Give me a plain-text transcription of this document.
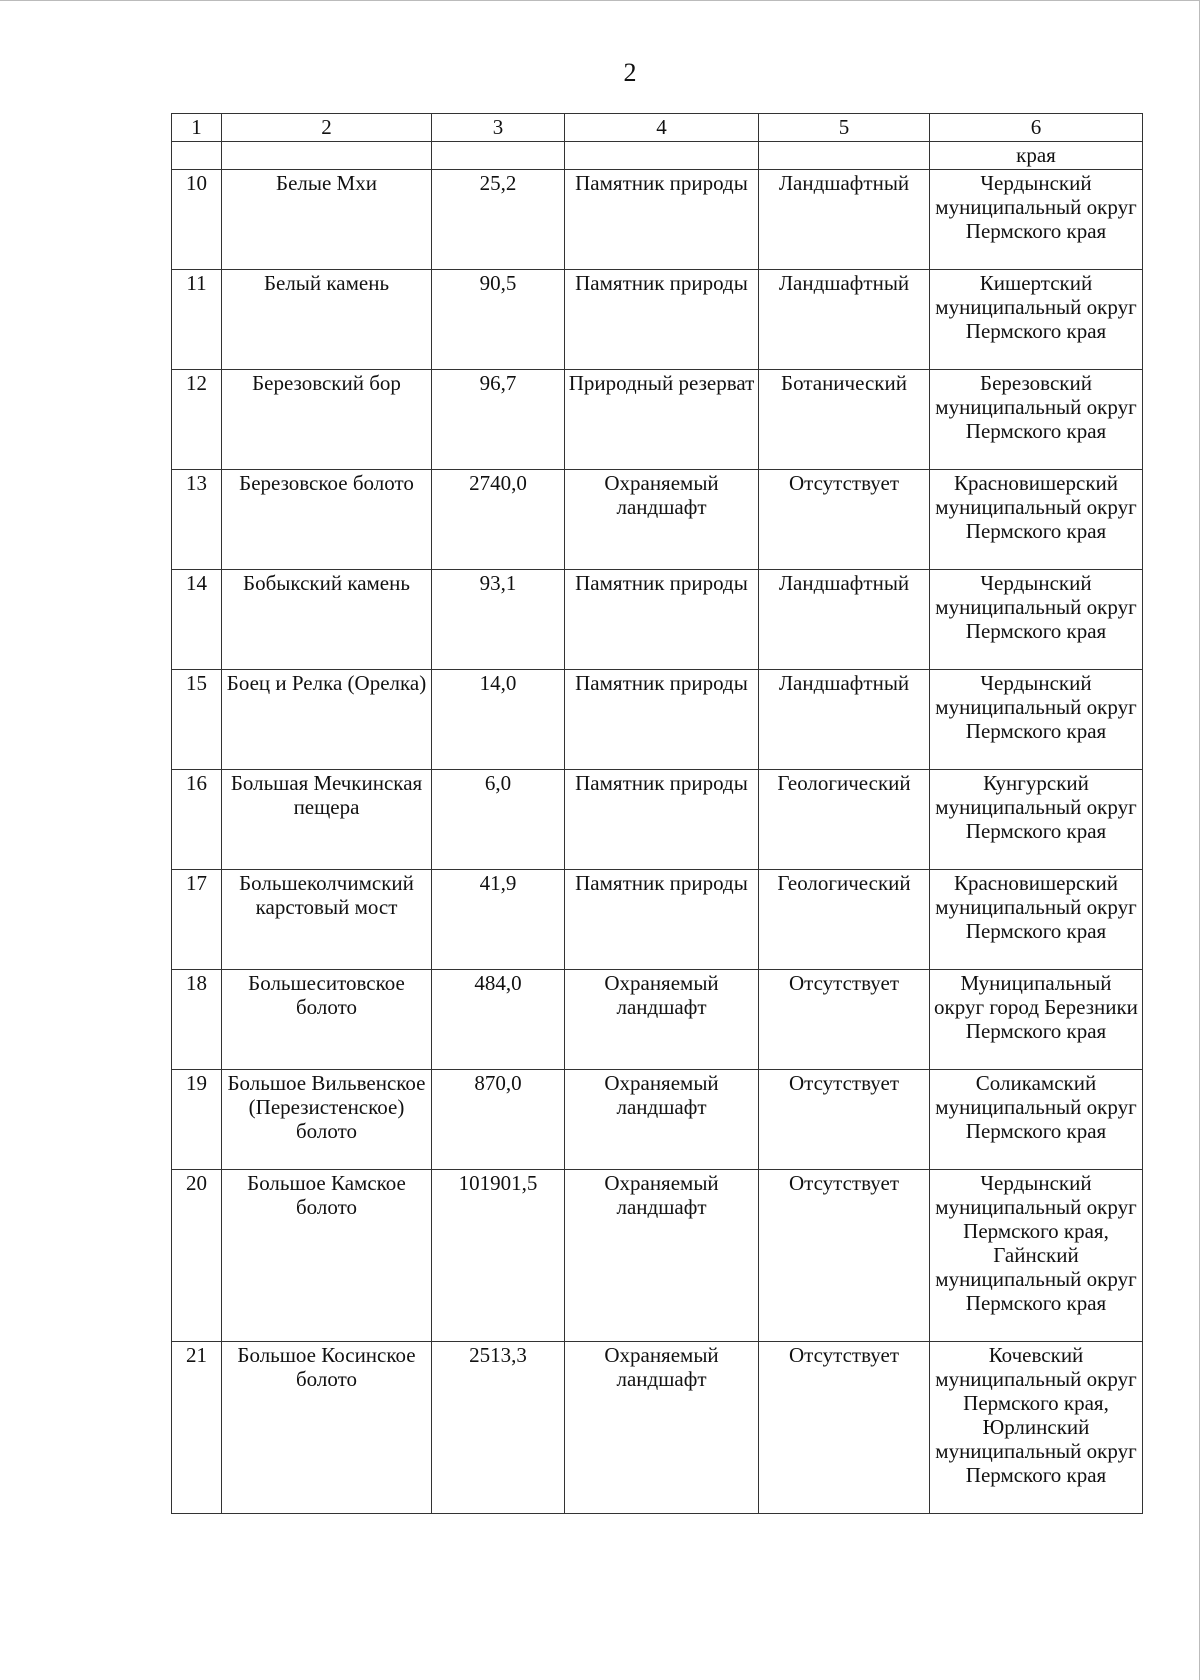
2
1	2	3	4	5	6
					края
10	Белые Мхи	25,2	Памятник природы	Ландшафтный	Чердынский муниципальный округ Пермского края
11	Белый камень	90,5	Памятник природы	Ландшафтный	Кишертский муниципальный округ Пермского края
12	Березовский бор	96,7	Природный резерват	Ботанический	Березовский муниципальный округ Пермского края
13	Березовское болото	2740,0	Охраняемый ландшафт	Отсутствует	Красновишерский муниципальный округ Пермского края
14	Бобыкский камень	93,1	Памятник природы	Ландшафтный	Чердынский муниципальный округ Пермского края
15	Боец и Релка (Орелка)	14,0	Памятник природы	Ландшафтный	Чердынский муниципальный округ Пермского края
16	Большая Мечкинская пещера	6,0	Памятник природы	Геологический	Кунгурский муниципальный округ Пермского края
17	Большеколчимский карстовый мост	41,9	Памятник природы	Геологический	Красновишерский муниципальный округ Пермского края
18	Большеситовское болото	484,0	Охраняемый ландшафт	Отсутствует	Муниципальный округ город Березники Пермского края
19	Большое Вильвенское (Перезистенское) болото	870,0	Охраняемый ландшафт	Отсутствует	Соликамский муниципальный округ Пермского края
20	Большое Камское болото	101901,5	Охраняемый ландшафт	Отсутствует	Чердынский муниципальный округ Пермского края, Гайнский муниципальный округ Пермского края
21	Большое Косинское болото	2513,3	Охраняемый ландшафт	Отсутствует	Кочевский муниципальный округ Пермского края, Юрлинский муниципальный округ Пермского края
